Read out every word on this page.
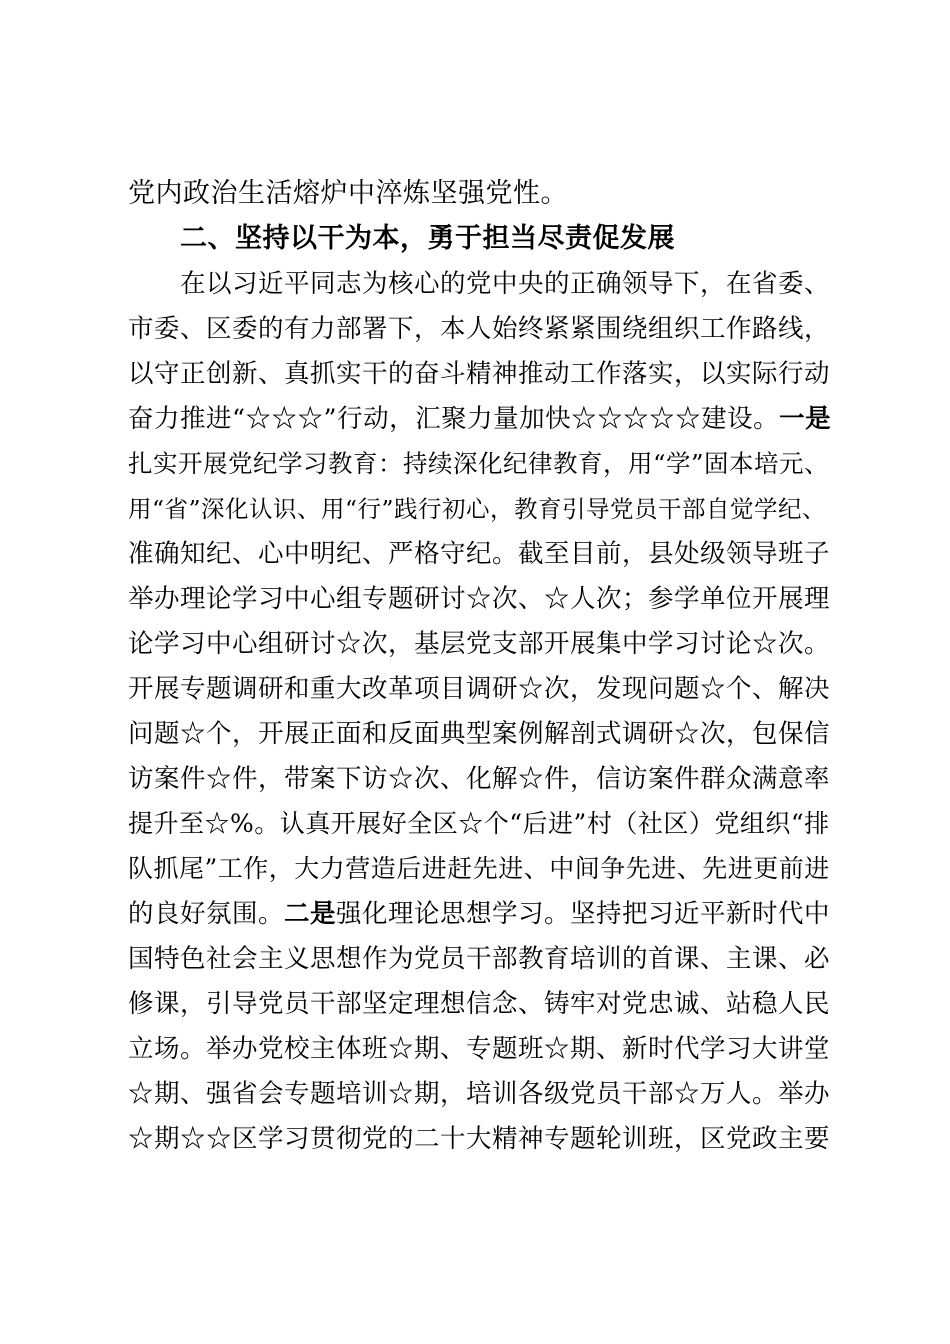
党内政治生活熔炉中淬炼坚强党性。
二、坚持以干为本，勇于担当尽责促发展
在以习近平同志为核心的党中央的正确领导下，在省委、
市委、区委的有力部署下，本人始终紧紧围绕组织工作路线，
以守正创新、真抓实干的奋斗精神推动工作落实，以实际行动
奋力推进“☆☆☆”行动，汇聚力量加快☆☆☆☆☆建设。一是
扎实开展党纪学习教育：持续深化纪律教育，用“学”固本培元、
用“省”深化认识、用“行”践行初心，教育引导党员干部自觉学纪、
准确知纪、心中明纪、严格守纪。截至目前，县处级领导班子
举办理论学习中心组专题研讨☆次、☆人次；参学单位开展理
论学习中心组研讨☆次，基层党支部开展集中学习讨论☆次。
开展专题调研和重大改革项目调研☆次，发现问题☆个、解决
问题☆个，开展正面和反面典型案例解剖式调研☆次，包保信
访案件☆件，带案下访☆次、化解☆件，信访案件群众满意率
提升至☆%。认真开展好全区☆个“后进”村（社区）党组织“排
队抓尾”工作，大力营造后进赶先进、中间争先进、先进更前进
的良好氛围。二是强化理论思想学习。坚持把习近平新时代中
国特色社会主义思想作为党员干部教育培训的首课、主课、必
修课，引导党员干部坚定理想信念、铸牢对党忠诚、站稳人民
立场。举办党校主体班☆期、专题班☆期、新时代学习大讲堂
☆期、强省会专题培训☆期，培训各级党员干部☆万人。举办
☆期☆☆区学习贯彻党的二十大精神专题轮训班，区党政主要
